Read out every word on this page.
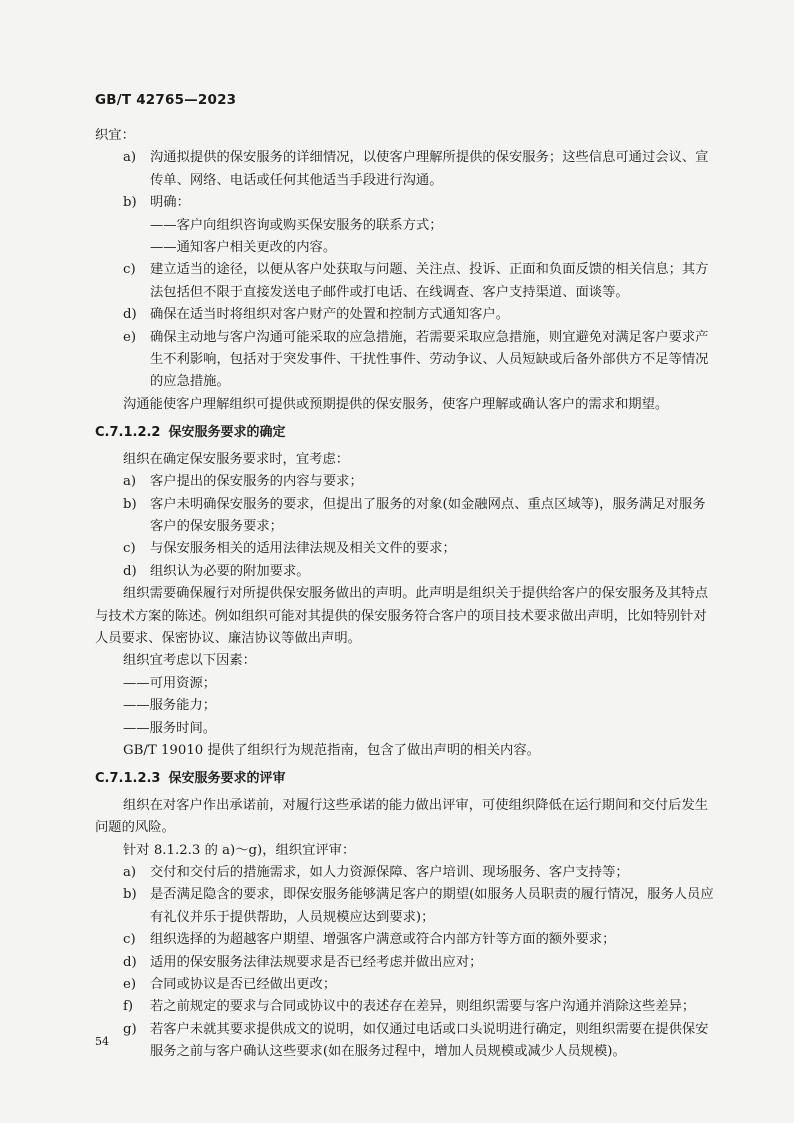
GB/T 42765—2023

织宜：

a) 沟通拟提供的保安服务的详细情况，以使客户理解所提供的保安服务；这些信息可通过会议、宣传单、网络、电话或任何其他适当手段进行沟通。

b) 明确：

——客户向组织咨询或购买保安服务的联系方式；

——通知客户相关更改的内容。

c) 建立适当的途径，以便从客户处获取与问题、关注点、投诉、正面和负面反馈的相关信息；其方法包括但不限于直接发送电子邮件或打电话、在线调查、客户支持渠道、面谈等。

d) 确保在适当时将组织对客户财产的处置和控制方式通知客户。

e) 确保主动地与客户沟通可能采取的应急措施，若需要采取应急措施，则宜避免对满足客户要求产生不利影响，包括对于突发事件、干扰性事件、劳动争议、人员短缺或后备外部供方不足等情况的应急措施。

沟通能使客户理解组织可提供或预期提供的保安服务，使客户理解或确认客户的需求和期望。

C.7.1.2.2 保安服务要求的确定

组织在确定保安服务要求时，宜考虑：

a) 客户提出的保安服务的内容与要求；

b) 客户未明确保安服务的要求，但提出了服务的对象(如金融网点、重点区域等)，服务满足对服务客户的保安服务要求；

c) 与保安服务相关的适用法律法规及相关文件的要求；

d) 组织认为必要的附加要求。

组织需要确保履行对所提供保安服务做出的声明。此声明是组织关于提供给客户的保安服务及其特点与技术方案的陈述。例如组织可能对其提供的保安服务符合客户的项目技术要求做出声明，比如特别针对人员要求、保密协议、廉洁协议等做出声明。

组织宜考虑以下因素：

——可用资源；

——服务能力；

——服务时间。

GB/T 19010 提供了组织行为规范指南，包含了做出声明的相关内容。

C.7.1.2.3 保安服务要求的评审

组织在对客户作出承诺前，对履行这些承诺的能力做出评审，可使组织降低在运行期间和交付后发生问题的风险。

针对 8.1.2.3 的 a)～g)，组织宜评审：

a) 交付和交付后的措施需求，如人力资源保障、客户培训、现场服务、客户支持等；

b) 是否满足隐含的要求，即保安服务能够满足客户的期望(如服务人员职责的履行情况，服务人员应有礼仪并乐于提供帮助，人员规模应达到要求)；

c) 组织选择的为超越客户期望、增强客户满意或符合内部方针等方面的额外要求；

d) 适用的保安服务法律法规要求是否已经考虑并做出应对；

e) 合同或协议是否已经做出更改；

f) 若之前规定的要求与合同或协议中的表述存在差异，则组织需要与客户沟通并消除这些差异；

g) 若客户未就其要求提供成文的说明，如仅通过电话或口头说明进行确定，则组织需要在提供保安服务之前与客户确认这些要求(如在服务过程中，增加人员规模或减少人员规模)。

54
